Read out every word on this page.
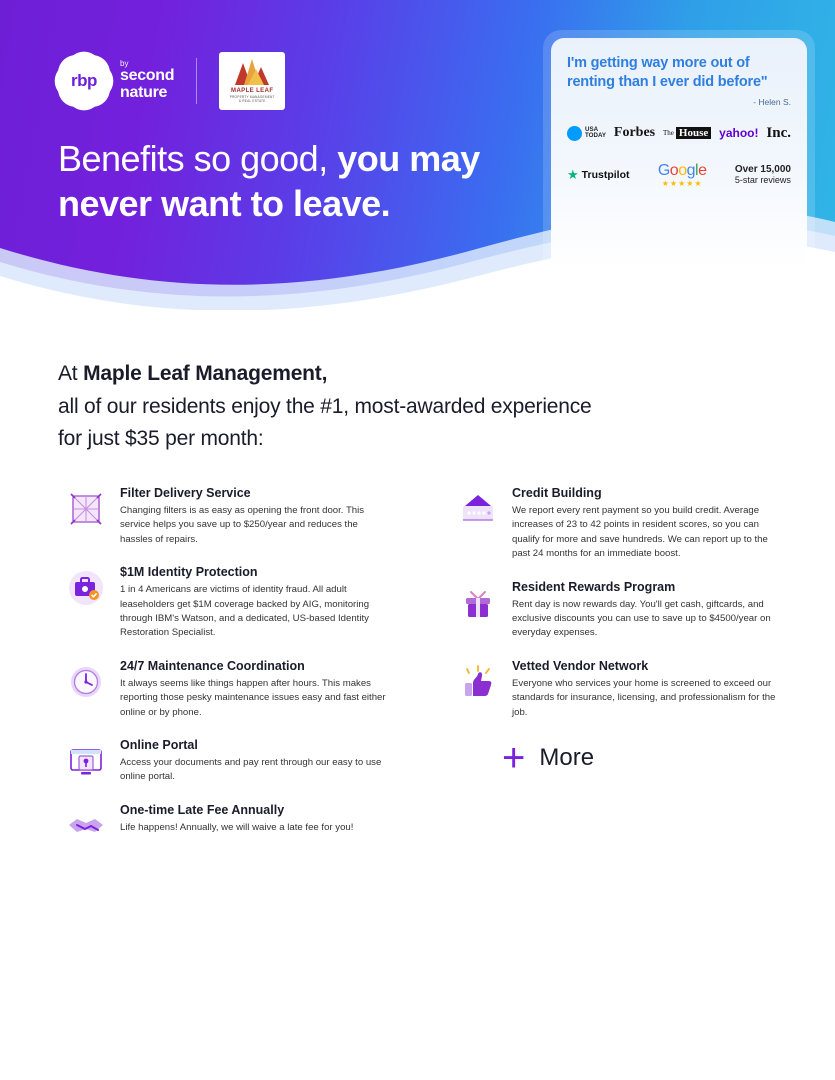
rbp
by
second
nature	MAPLE LEAF
PROPERTY MANAGEMENT
& REAL ESTATE
Benefits so good, you may
never want to leave.
I'm getting way more out of renting than I ever did before"
- Helen S.
USA
TODAY Forbes The House yahoo! Inc.
★ Trustpilot Google
★★★★★
Over 15,000
5-star reviews
At Maple Leaf Management,
all of our residents enjoy the #1, most-awarded experience
for just $35 per month:
Filter Delivery Service
Changing filters is as easy as opening the front door. This service helps you save up to $250/year and reduces the hassles of repairs.
$1M Identity Protection
1 in 4 Americans are victims of identity fraud. All adult leaseholders get $1M coverage backed by AIG, monitoring through IBM's Watson, and a dedicated, US-based Identity Restoration Specialist.
24/7 Maintenance Coordination
It always seems like things happen after hours. This makes reporting those pesky maintenance issues easy and fast either online or by phone.
Online Portal
Access your documents and pay rent through our easy to use online portal.
One-time Late Fee Annually
Life happens! Annually, we will waive a late fee for you!
Credit Building
We report every rent payment so you build credit. Average increases of 23 to 42 points in resident scores, so you can qualify for more and save hundreds. We can report up to the past 24 months for an immediate boost.
Resident Rewards Program
Rent day is now rewards day. You'll get cash, giftcards, and exclusive discounts you can use to save up to $4500/year on everyday expenses.
Vetted Vendor Network
Everyone who services your home is screened to exceed our standards for insurance, licensing, and professionalism for the job.
+ More
